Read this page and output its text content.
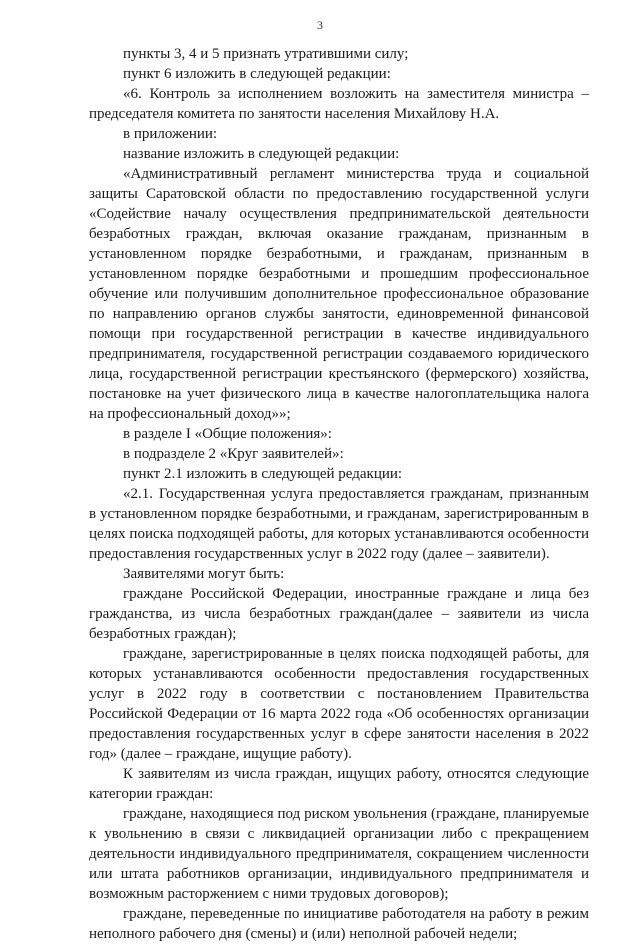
3

пункты 3, 4 и 5 признать утратившими силу;

пункт 6 изложить в следующей редакции:

«6. Контроль за исполнением возложить на заместителя министра – председателя комитета по занятости населения Михайлову Н.А.

в приложении:

название изложить в следующей редакции:

«Административный регламент министерства труда и социальной защиты Саратовской области по предоставлению государственной услуги «Содействие началу осуществления предпринимательской деятельности безработных граждан, включая оказание гражданам, признанным в установленном порядке безработными, и гражданам, признанным в установленном порядке безработными и прошедшим профессиональное обучение или получившим дополнительное профессиональное образование по направлению органов службы занятости, единовременной финансовой помощи при государственной регистрации в качестве индивидуального предпринимателя, государственной регистрации создаваемого юридического лица, государственной регистрации крестьянского (фермерского) хозяйства, постановке на учет физического лица в качестве налогоплательщика налога на профессиональный доход»»;

в разделе I «Общие положения»:

в подразделе 2 «Круг заявителей»:

пункт 2.1 изложить в следующей редакции:

«2.1. Государственная услуга предоставляется гражданам, признанным в установленном порядке безработными, и гражданам, зарегистрированным в целях поиска подходящей работы, для которых устанавливаются особенности предоставления государственных услуг в 2022 году (далее – заявители).

Заявителями могут быть:

граждане Российской Федерации, иностранные граждане и лица без гражданства, из числа безработных граждан(далее – заявители из числа безработных граждан);

граждане, зарегистрированные в целях поиска подходящей работы, для которых устанавливаются особенности предоставления государственных услуг в 2022 году в соответствии с постановлением Правительства Российской Федерации от 16 марта 2022 года «Об особенностях организации предоставления государственных услуг в сфере занятости населения в 2022 год» (далее – граждане, ищущие работу).

К заявителям из числа граждан, ищущих работу, относятся следующие категории граждан:

граждане, находящиеся под риском увольнения (граждане, планируемые к увольнению в связи с ликвидацией организации либо с прекращением деятельности индивидуального предпринимателя, сокращением численности или штата работников организации, индивидуального предпринимателя и возможным расторжением с ними трудовых договоров);

граждане, переведенные по инициативе работодателя на работу в режим неполного рабочего дня (смены) и (или) неполной рабочей недели;
